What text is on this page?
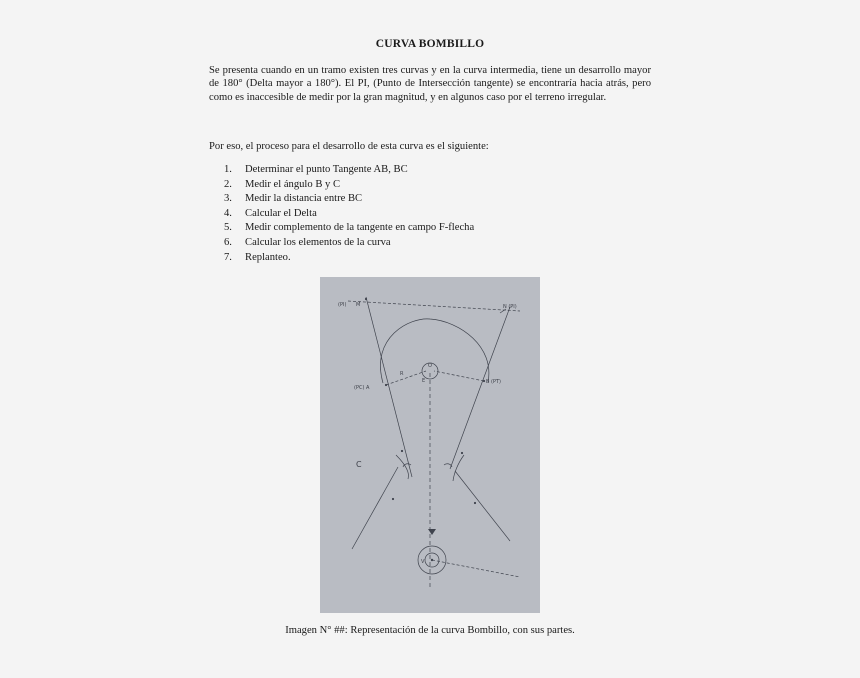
CURVA BOMBILLO
Se presenta cuando en un tramo existen tres curvas y en la curva intermedia, tiene un desarrollo mayor de 180° (Delta mayor a 180°). El PI, (Punto de Intersección tangente) se encontraría hacia atrás, pero como es inaccesible de medir por la gran magnitud, y en algunos caso por el terreno irregular.
Por eso, el proceso para el desarrollo de esta curva es el siguiente:
1.	Determinar el punto Tangente AB, BC
2.	Medir el ángulo B y C
3.	Medir la distancia entre BC
4.	Calcular el Delta
5.	Medir complemento de la tangente en campo F-flecha
6.	Calcular los elementos de la curva
7.	Replanteo.
(PI) M	N (PI)
(PC) A
B (PT)
O
R
E
C
V
Imagen N° ##: Representación de la curva Bombillo, con sus partes.
